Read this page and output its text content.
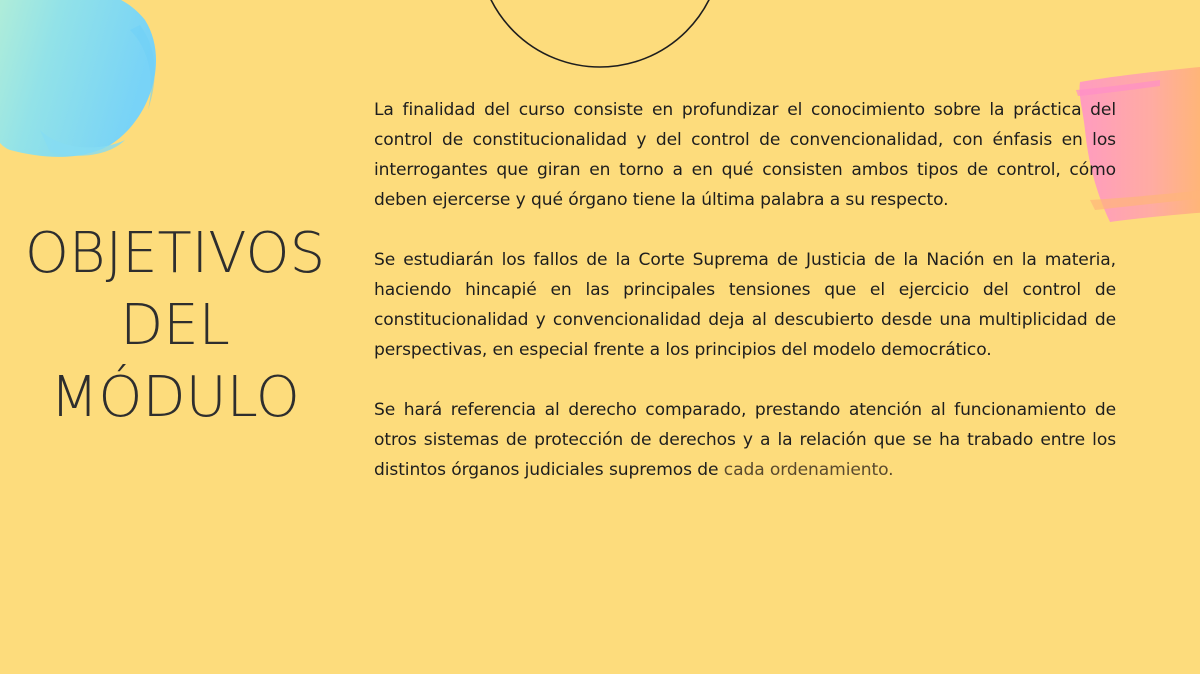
OBJETIVOS
DEL
MÓDULO

La finalidad del curso consiste en profundizar el conocimiento sobre la práctica del control de constitucionalidad y del control de convencionalidad, con énfasis en los interrogantes que giran en torno a en qué consisten ambos tipos de control, cómo deben ejercerse y qué órgano tiene la última palabra a su respecto.

Se estudiarán los fallos de la Corte Suprema de Justicia de la Nación en la materia, haciendo hincapié en las principales tensiones que el ejercicio del control de constitucionalidad y convencionalidad deja al descubierto desde una multiplicidad de perspectivas, en especial frente a los principios del modelo democrático.

Se hará referencia al derecho comparado, prestando atención al funcionamiento de otros sistemas de protección de derechos y a la relación que se ha trabado entre los distintos órganos judiciales supremos de cada ordenamiento.
